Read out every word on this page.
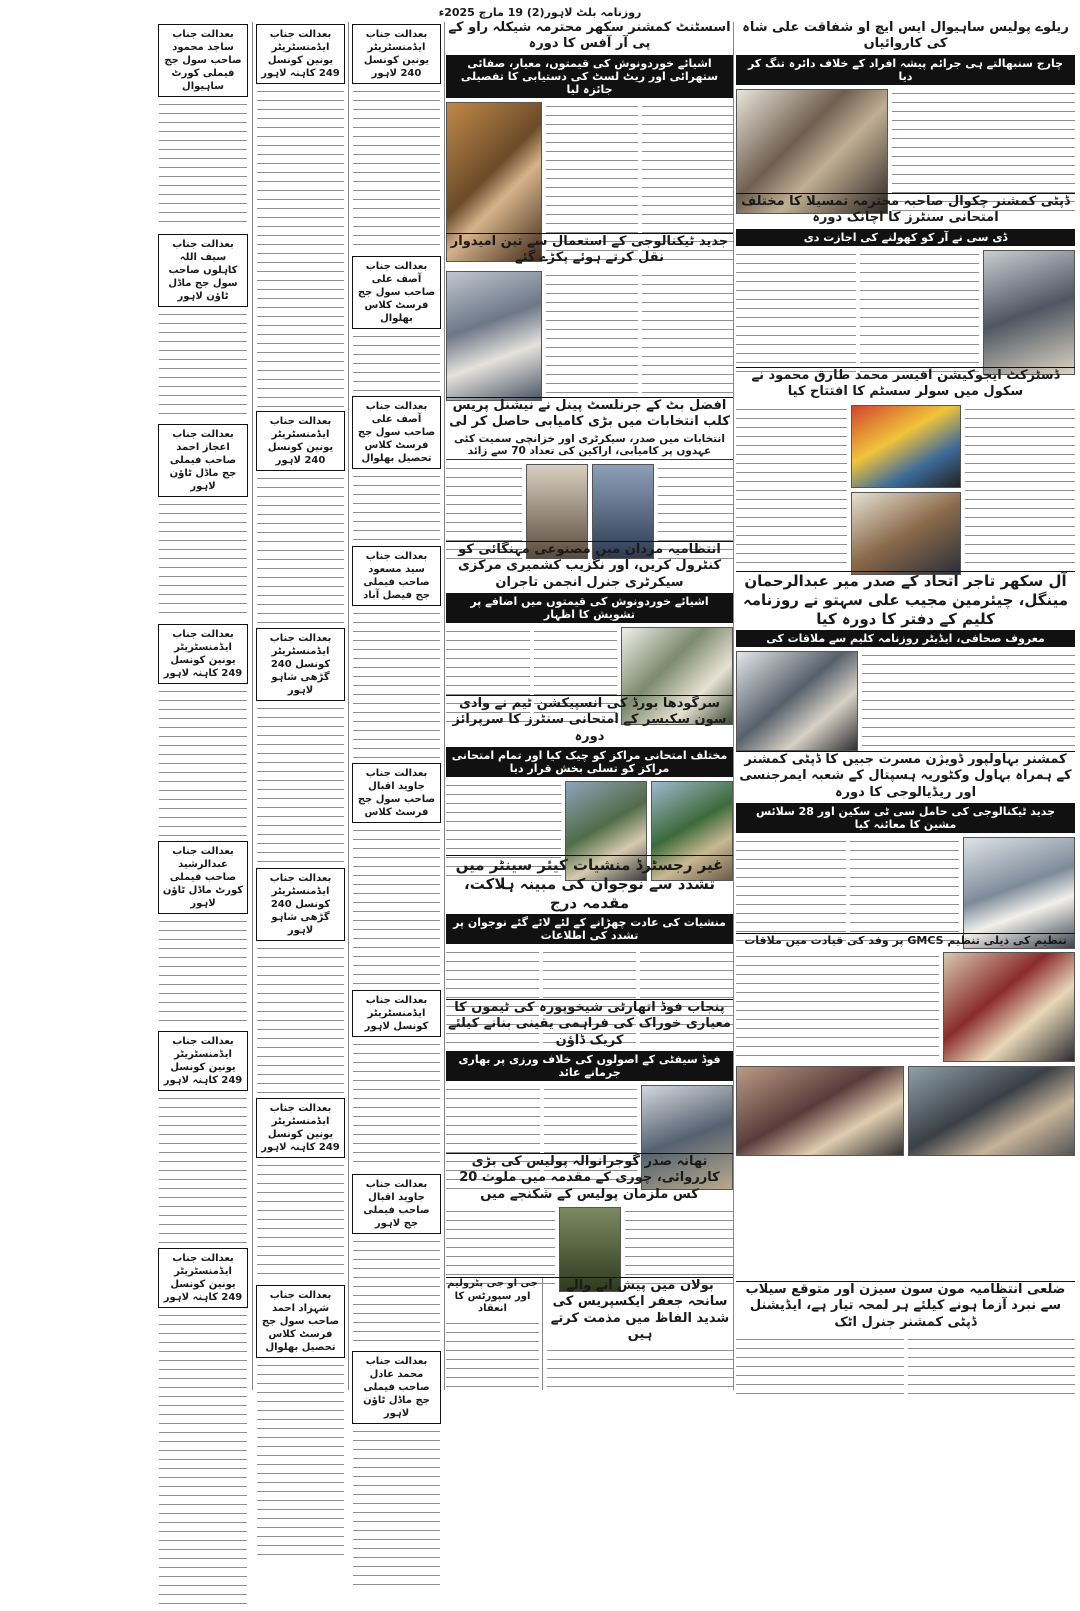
روزنامہ بلٹ لاہور(2) 19 مارچ 2025ء
بعدالت جناب ساجد محمود صاحب سول جج فیملی کورٹ ساہیوال
بعدالت جناب سیف اللہ کاہلوں صاحب سول جج ماڈل ٹاؤن لاہور
بعدالت جناب اعجاز احمد صاحب فیملی جج ماڈل ٹاؤن لاہور
بعدالت جناب ایڈمنسٹریٹر یونین کونسل 249 کاہنہ لاہور
بعدالت جناب عبدالرشید صاحب فیملی کورٹ ماڈل ٹاؤن لاہور
بعدالت جناب ایڈمنسٹریٹر یونین کونسل 249 کاہنہ لاہور
بعدالت جناب ایڈمنسٹریٹر یونین کونسل 249 کاہنہ لاہور
بعدالت جناب ایڈمنسٹریٹر یونین کونسل 249 کاہنہ لاہور
بعدالت جناب ایڈمنسٹریٹر یونین کونسل 240 لاہور
بعدالت جناب ایڈمنسٹریٹر کونسل 240 گڑھی شاہو لاہور
بعدالت جناب ایڈمنسٹریٹر کونسل 240 گڑھی شاہو لاہور
بعدالت جناب ایڈمنسٹریٹر یونین کونسل 249 کاہنہ لاہور
بعدالت جناب شہزاد احمد صاحب سول جج فرسٹ کلاس تحصیل بھلوال
بعدالت جناب ایڈمنسٹریٹر یونین کونسل 240 لاہور
بعدالت جناب آصف علی صاحب سول جج فرسٹ کلاس بھلوال
بعدالت جناب آصف علی صاحب سول جج فرسٹ کلاس تحصیل بھلوال
بعدالت جناب سید مسعود صاحب فیملی جج فیصل آباد
بعدالت جناب جاوید اقبال صاحب سول جج فرسٹ کلاس
بعدالت جناب ایڈمنسٹریٹر کونسل لاہور
بعدالت جناب جاوید اقبال صاحب فیملی جج لاہور
بعدالت جناب محمد عادل صاحب فیملی جج ماڈل ٹاؤن لاہور
اسسٹنٹ کمشنر سکھر محترمہ شیکلہ راو کے پی آر آفس کا دورہ
اشیائے خوردونوش کی قیمتوں، معیار، صفائی ستھرائی اور ریٹ لسٹ کی دستیابی کا تفصیلی جائزہ لیا
جدید ٹیکنالوجی کے استعمال سے تین امیدوار نقل کرتے ہوئے پکڑے گئے
افضل بٹ کے جرنلسٹ پینل نے نیشنل پریس کلب انتخابات میں بڑی کامیابی حاصل کر لی
انتخابات میں صدر، سیکرٹری اور خزانچی سمیت کئی عہدوں پر کامیابی، اراکین کی تعداد 70 سے زائد
انتظامیہ مردان میں مصنوعی مہنگائی کو کنٹرول کریں، اور نگزیب کشمیری مرکزی سیکرٹری جنرل انجمن تاجران
اشیائے خوردونوش کی قیمتوں میں اضافے پر تشویش کا اظہار
سرگودھا بورڈ کی انسپیکشن ٹیم نے وادی سون سکیسر کے امتحانی سنٹرز کا سرپرائز دورہ
مختلف امتحانی مراکز کو چیک کیا اور تمام امتحانی مراکز کو تسلی بخش قرار دیا
غیر رجسٹرڈ منشیات کیئر سینٹر میں تشدد سے نوجوان کی مبینہ ہلاکت، مقدمہ درج
منشیات کی عادت چھڑانے کے لئے لائے گئے نوجوان پر تشدد کی اطلاعات
پنجاب فوڈ اتھارٹی شیخوپورہ کی ٹیموں کا معیاری خوراک کی فراہمی یقینی بنانے کیلئے کریک ڈاؤن
فوڈ سیفٹی کے اصولوں کی خلاف ورزی پر بھاری جرمانے عائد
تھانہ صدر گوجرانوالہ پولیس کی بڑی کارروائی، چوری کے مقدمہ میں ملوث 20 کس ملزمان پولیس کے شکنجے میں
بولان میں پیش آنے والے سانحہ جعفر ایکسپریس کی شدید الفاظ میں مذمت کرتے ہیں
جی او جی پٹرولیم اور سپورٹس کا انعقاد
ریلوے پولیس ساہیوال ایس ایچ او شفاقت علی شاہ کی کاروائیاں
چارج سنبھالتے ہی جرائم پیشہ افراد کے خلاف دائرہ تنگ کر دیا
ڈپٹی کمشنر چکوال صاحبہ محترمہ تمسیلا کا مختلف امتحانی سنٹرز کا اچانک دورہ
ڈی سی نے آر کو کھولنے کی اجازت دی
ڈسٹرکٹ ایجوکیشن آفیسر محمد طارق محمود نے سکول میں سولر سسٹم کا افتتاح کیا
آل سکھر تاجر اتحاد کے صدر میر عبدالرحمان مینگل، چیئرمین مجیب علی سہتو نے روزنامہ کلیم کے دفتر کا دورہ کیا
معروف صحافی، ایڈیٹر روزنامہ کلیم سے ملاقات کی
کمشنر بہاولپور ڈویژن مسرت جبیں کا ڈپٹی کمشنر کے ہمراہ بہاول وکٹوریہ ہسپتال کے شعبہ ایمرجنسی اور ریڈیالوجی کا دورہ
جدید ٹیکنالوجی کی حامل سی ٹی سکین اور 28 سلائس مشین کا معائنہ کیا
تنظیم کی ذیلی تنظیم GMCS پر وفد کی قیادت میں ملاقات
ضلعی انتظامیہ مون سون سیزن اور متوقع سیلاب سے نبرد آزما ہونے کیلئے ہر لمحہ تیار ہے، ایڈیشنل ڈپٹی کمشنر جنرل اٹک
